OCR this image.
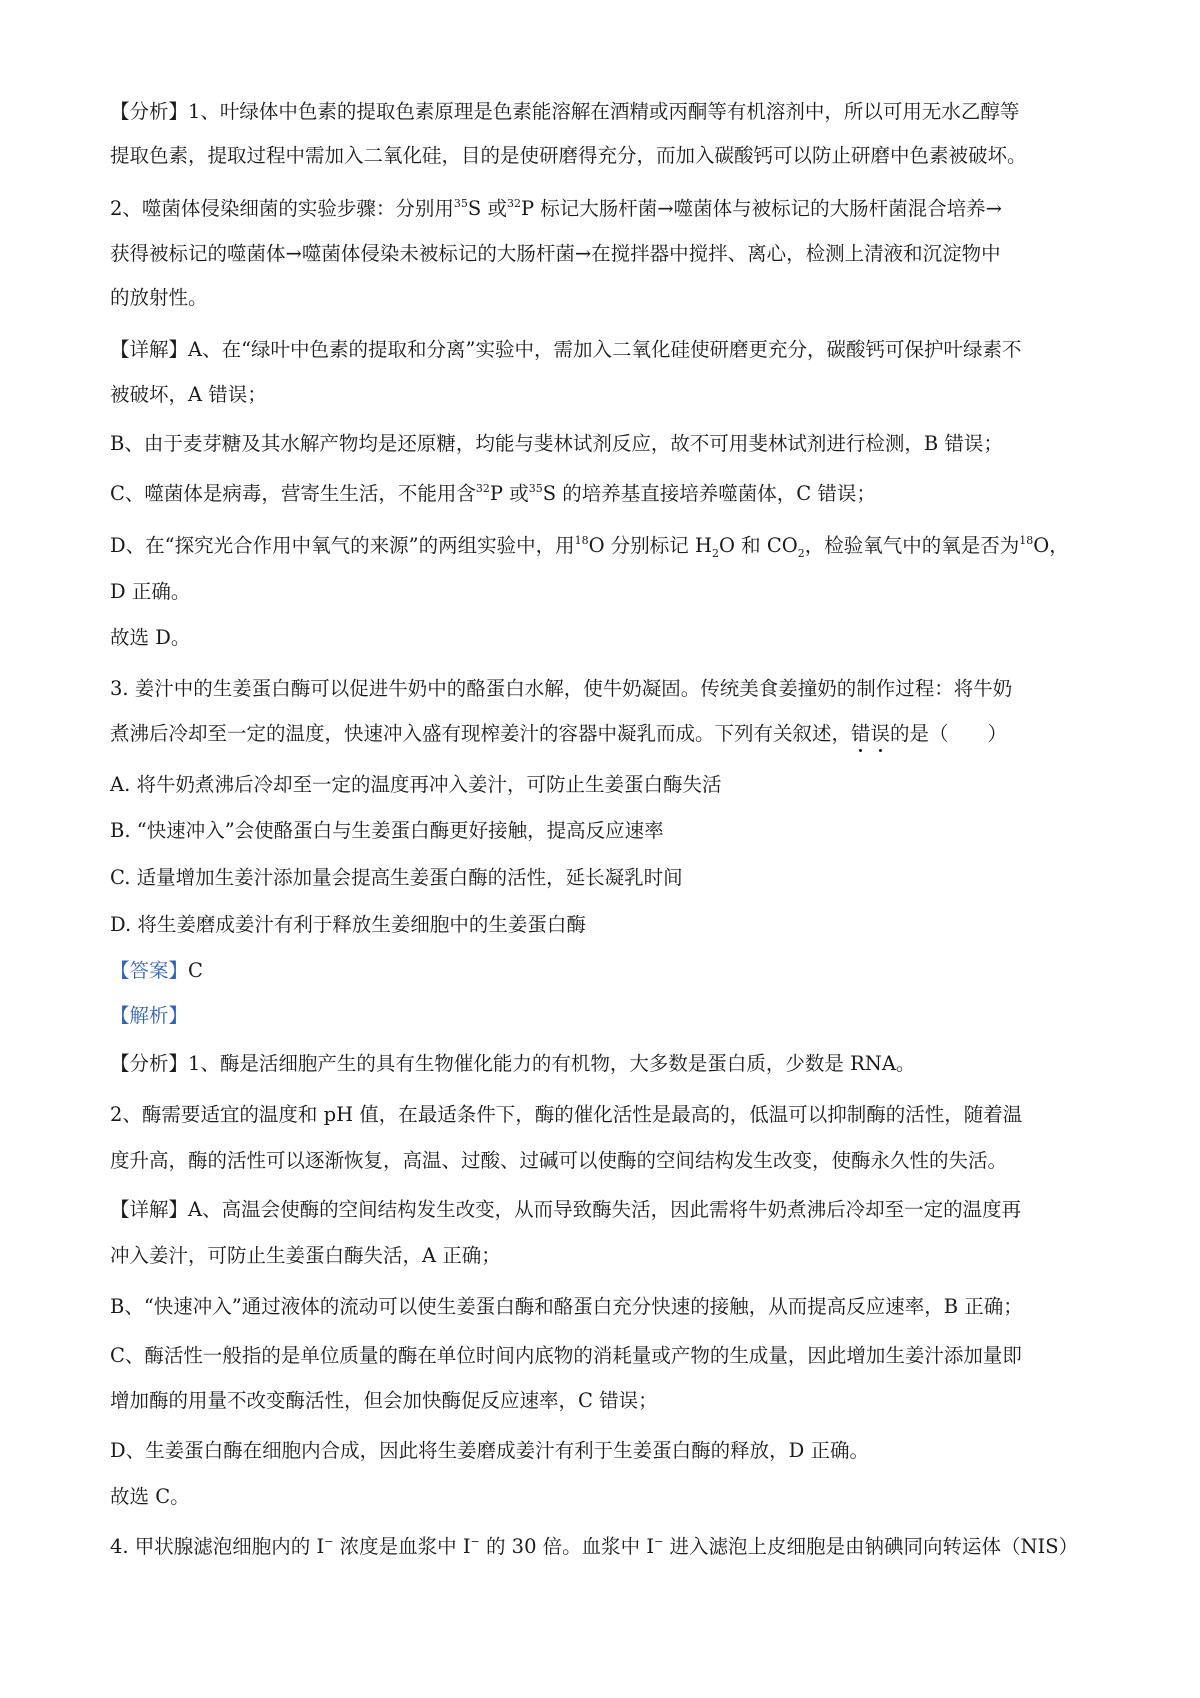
【分析】1、叶绿体中色素的提取色素原理是色素能溶解在酒精或丙酮等有机溶剂中，所以可用无水乙醇等
提取色素，提取过程中需加入二氧化硅，目的是使研磨得充分，而加入碳酸钙可以防止研磨中色素被破坏。
2、噬菌体侵染细菌的实验步骤：分别用$^{35}$S 或$^{32}$P 标记大肠杆菌→噬菌体与被标记的大肠杆菌混合培养→
获得被标记的噬菌体→噬菌体侵染未被标记的大肠杆菌→在搅拌器中搅拌、离心，检测上清液和沉淀物中
的放射性。
【详解】A、在“绿叶中色素的提取和分离”实验中，需加入二氧化硅使研磨更充分，碳酸钙可保护叶绿素不
被破坏，A 错误；
B、由于麦芽糖及其水解产物均是还原糖，均能与斐林试剂反应，故不可用斐林试剂进行检测，B 错误；
C、噬菌体是病毒，营寄生生活，不能用含$^{32}$P 或$^{35}$S 的培养基直接培养噬菌体，C 错误；
D、在“探究光合作用中氧气的来源”的两组实验中，用$^{18}$O 分别标记 $H_2O$ 和 $CO_2$，检验氧气中的氧是否为$^{18}$O，
D 正确。
故选 D。
3. 姜汁中的生姜蛋白酶可以促进牛奶中的酪蛋白水解，使牛奶凝固。传统美食姜撞奶的制作过程：将牛奶
煮沸后冷却至一定的温度，快速冲入盛有现榨姜汁的容器中凝乳而成。下列有关叙述，错误的是（　　）
A. 将牛奶煮沸后冷却至一定的温度再冲入姜汁，可防止生姜蛋白酶失活
B. “快速冲入”会使酪蛋白与生姜蛋白酶更好接触，提高反应速率
C. 适量增加生姜汁添加量会提高生姜蛋白酶的活性，延长凝乳时间
D. 将生姜磨成姜汁有利于释放生姜细胞中的生姜蛋白酶
【答案】C
【解析】
【分析】1、酶是活细胞产生的具有生物催化能力的有机物，大多数是蛋白质，少数是 RNA。
2、酶需要适宜的温度和 pH 值，在最适条件下，酶的催化活性是最高的，低温可以抑制酶的活性，随着温
度升高，酶的活性可以逐渐恢复，高温、过酸、过碱可以使酶的空间结构发生改变，使酶永久性的失活。
【详解】A、高温会使酶的空间结构发生改变，从而导致酶失活，因此需将牛奶煮沸后冷却至一定的温度再
冲入姜汁，可防止生姜蛋白酶失活，A 正确；
B、“快速冲入”通过液体的流动可以使生姜蛋白酶和酪蛋白充分快速的接触，从而提高反应速率，B 正确；
C、酶活性一般指的是单位质量的酶在单位时间内底物的消耗量或产物的生成量，因此增加生姜汁添加量即
增加酶的用量不改变酶活性，但会加快酶促反应速率，C 错误；
D、生姜蛋白酶在细胞内合成，因此将生姜磨成姜汁有利于生姜蛋白酶的释放，D 正确。
故选 C。
4. 甲状腺滤泡细胞内的 I− 浓度是血浆中 I− 的 30 倍。血浆中 I− 进入滤泡上皮细胞是由钠碘同向转运体（NIS）
